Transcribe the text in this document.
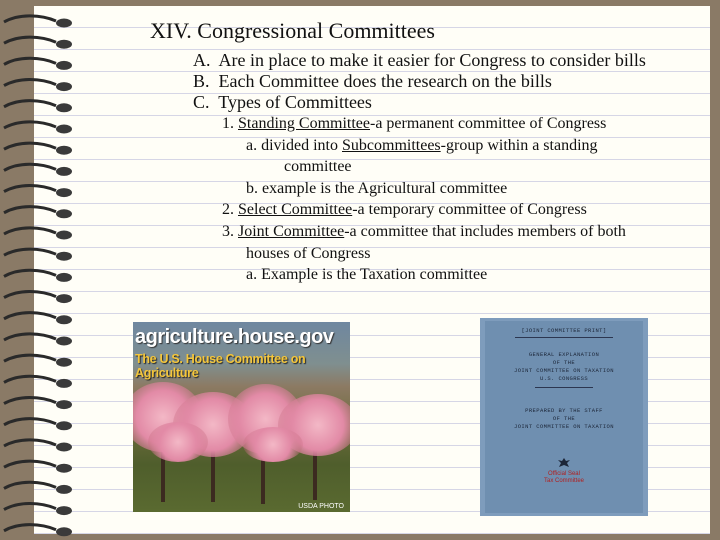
XIV. Congressional Committees
A. Are in place to make it easier for Congress to consider bills
B. Each Committee does the research on the bills
C. Types of Committees
1. Standing Committee-a permanent committee of Congress
a. divided into Subcommittees-group within a standing
committee
b. example is the Agricultural committee
2. Select Committee-a temporary committee of Congress
3. Joint Committee-a committee that includes members of both
houses of Congress
a. Example is the Taxation committee
agriculture.house.gov
The U.S. House Committee on Agriculture
USDA PHOTO
[JOINT COMMITTEE PRINT]
GENERAL EXPLANATION
OF THE
JOINT COMMITTEE ON TAXATION
U.S. CONGRESS
PREPARED BY THE STAFF
OF THE
JOINT COMMITTEE ON TAXATION
Official Seal
Tax Committee
